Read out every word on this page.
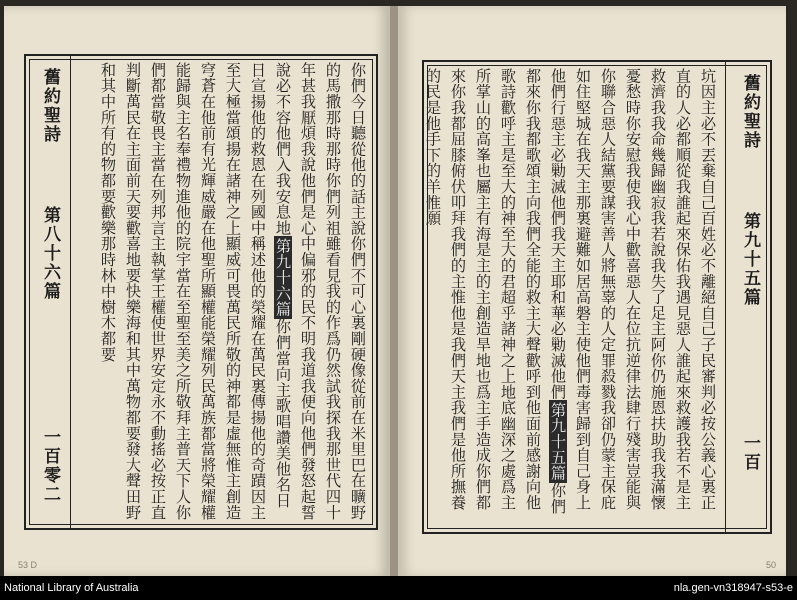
你們今日聽從他的話主說你們不可心裏剛硬像從前在米里巴在曠野的馬撒那時那時你們列祖雖看見我的作爲仍然試我探我那世代四十年甚我厭煩我說他們是心中偏邪的民不明我道我便向他們發怒起誓說必不容他們入我安息地第九十六篇你們當向主歌唱讚美他名日日宣揚他的救恩在列國中稱述他的榮耀在萬民裏傳揚他的奇蹟因主至大極當頌揚在諸神之上顯威可畏萬民所敬的神都是虛無惟主創造穹蒼在他前有光輝威嚴在他聖所顯權能榮耀列民萬族都當將榮耀權能歸與主名奉禮物進他的院宇當在至聖至美之所敬拜主普天下人你們都當敬畏主當在列邦言主執掌王權使世界安定永不動搖必按正直判斷萬民在主面前天要歡喜地要快樂海和其中萬物都要發大聲田野和其中所有的物都要歡樂那時林中樹木都要
舊約聖詩
第八十六篇
一百零二
53 D
坑因主必不丟棄自己百姓必不離絕自己子民審判必按公義心裏正直的人必都順從我誰起來保佑我遇見惡人誰起來救護我若不是主救濟我我命幾歸幽寂我若說我失了足主阿你仍施恩扶助我我滿懷憂愁時你安慰我使我心中歡喜惡人在位抗逆律法肆行殘害豈能與你聯合惡人結黨要謀害善人將無辜的人定罪殺戮我卻仍蒙主保庇如住堅城在我天主那裏避難如居高磐主使他們毒害歸到自己身上他們行惡主必勦滅他們我天主耶和華必勦滅他們第九十五篇你們都來你我都歌頌主向我們全能的救主大聲歡呼到他面前感謝向他歌詩歡呼主是至大的神至大的君超乎諸神之上地底幽深之處爲主所掌山的高峯也屬主有海是主的主創造旱地也爲主手造成你們都來你我都屈膝俯伏叩拜我們的主惟他是我們天主我們是他所撫養的民是他手下的羊惟願	舊約聖詩
第九十五篇
一百
50
National Library of Australia	nla.gen-vn318947-s53-e
